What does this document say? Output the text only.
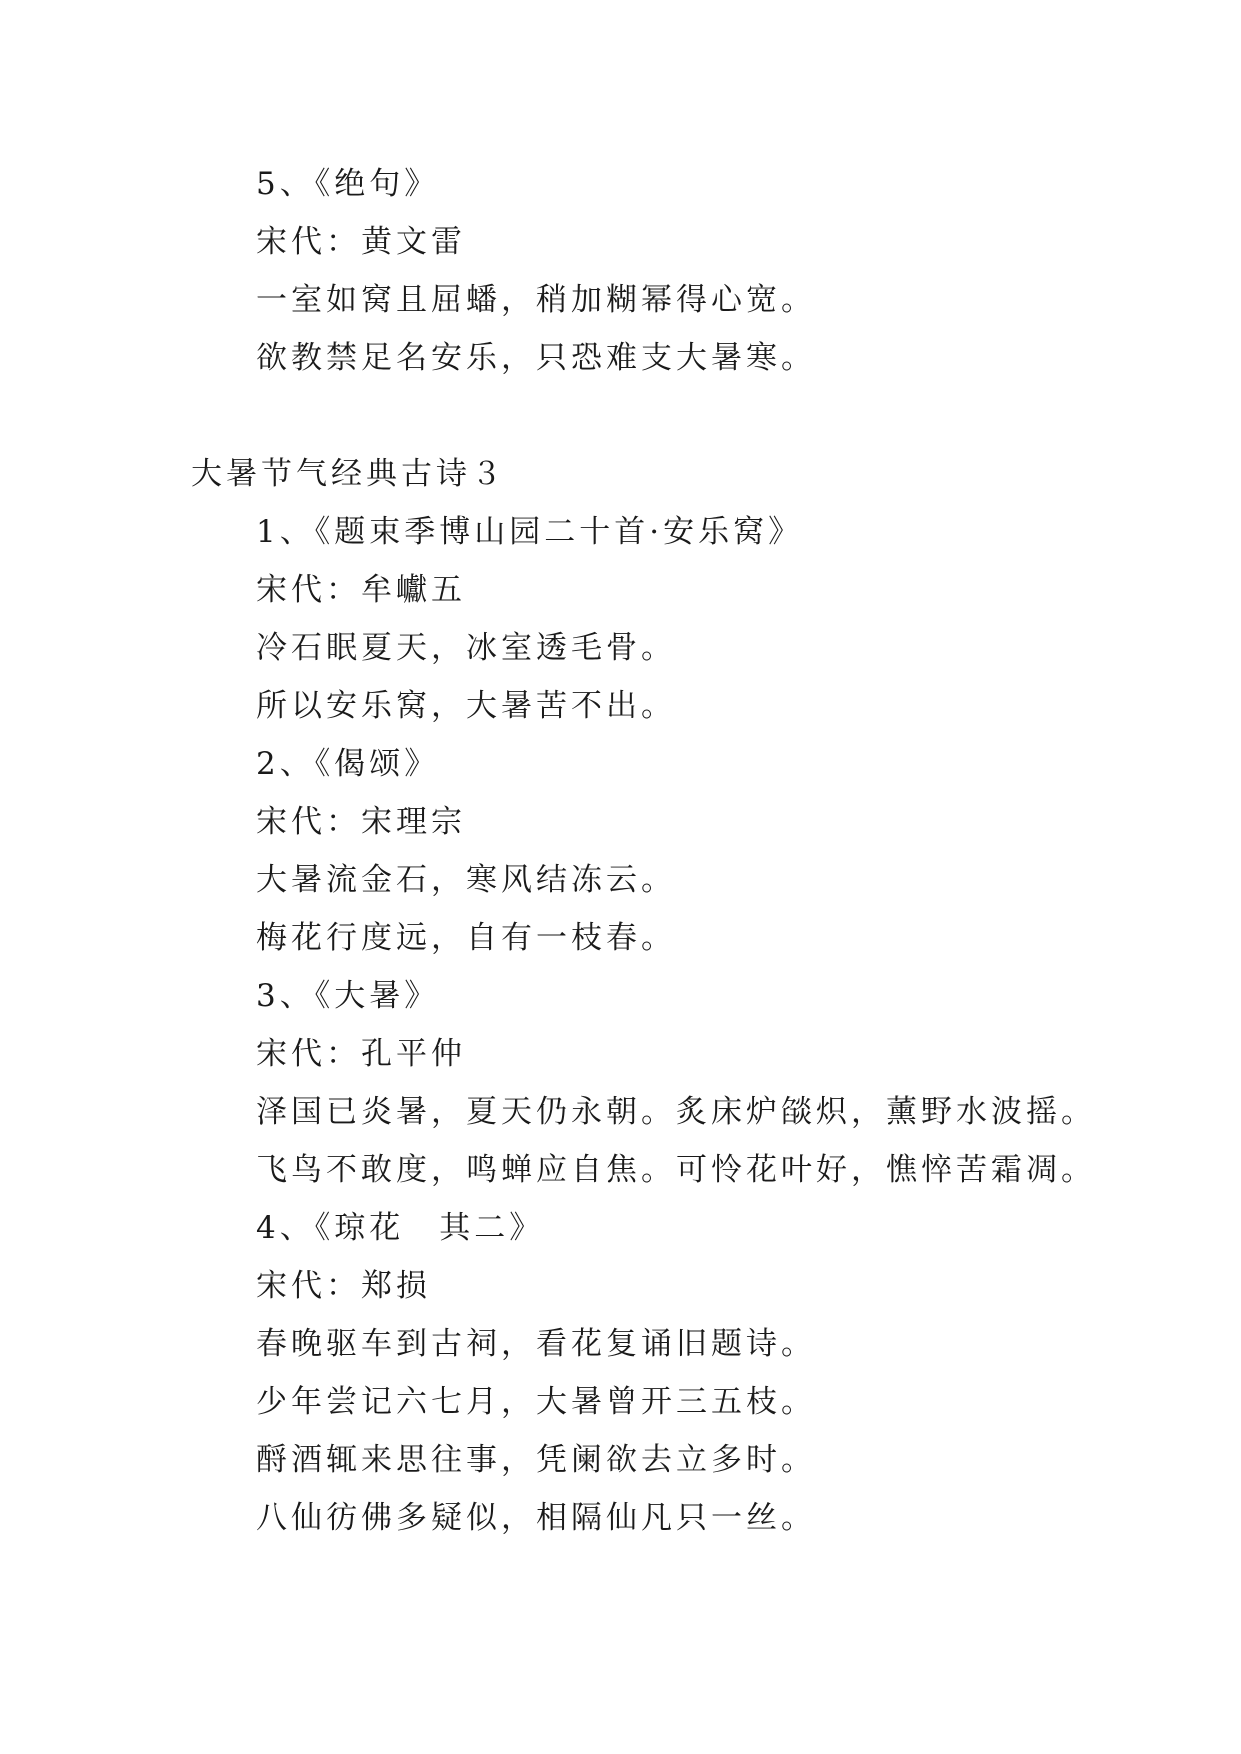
5、《绝句》
宋代：黄文雷
一室如窝且屈蟠，稍加糊幂得心宽。
欲教禁足名安乐，只恐难支大暑寒。
大暑节气经典古诗３
1、《题束季博山园二十首·安乐窝》
宋代：牟巘五
冷石眠夏天，冰室透毛骨。
所以安乐窝，大暑苦不出。
2、《偈颂》
宋代：宋理宗
大暑流金石，寒风结冻云。
梅花行度远，自有一枝春。
3、《大暑》
宋代：孔平仲
泽国已炎暑，夏天仍永朝。炙床炉燄炽，薰野水波摇。
飞鸟不敢度，鸣蝉应自焦。可怜花叶好，憔悴苦霜凋。
4、《琼花　其二》
宋代：郑损
春晚驱车到古祠，看花复诵旧题诗。
少年尝记六七月，大暑曾开三五枝。
酹酒辄来思往事，凭阑欲去立多时。
八仙彷佛多疑似，相隔仙凡只一丝。
